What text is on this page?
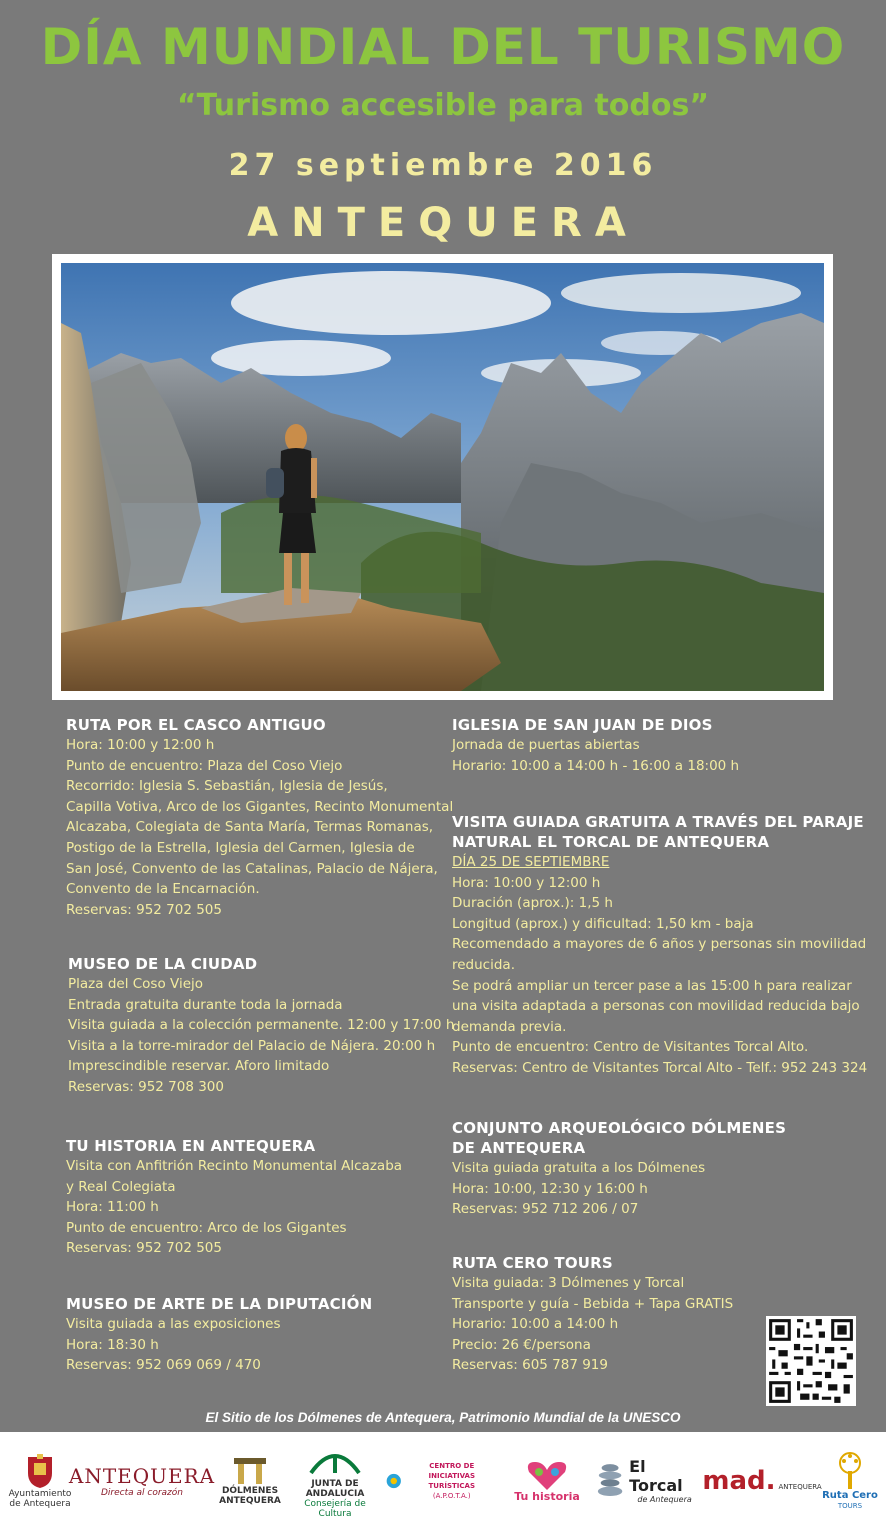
DÍA MUNDIAL DEL TURISMO
“Turismo accesible para todos”
27 septiembre 2016
ANTEQUERA
RUTA POR EL CASCO ANTIGUO
Hora: 10:00 y 12:00 h
Punto de encuentro: Plaza del Coso Viejo
Recorrido: Iglesia S. Sebastián, Iglesia de Jesús,
Capilla Votiva, Arco de los Gigantes, Recinto Monumental
Alcazaba, Colegiata de Santa María, Termas Romanas,
Postigo de la Estrella, Iglesia del Carmen, Iglesia de
San José, Convento de las Catalinas, Palacio de Nájera,
Convento de la Encarnación.
Reservas: 952 702 505
MUSEO DE LA CIUDAD
Plaza del Coso Viejo
Entrada gratuita durante toda la jornada
Visita guiada a la colección permanente. 12:00 y 17:00 h
Visita a la torre-mirador del Palacio de Nájera. 20:00 h
Imprescindible reservar. Aforo limitado
Reservas: 952 708 300
TU HISTORIA EN ANTEQUERA
Visita con Anfitrión Recinto Monumental Alcazaba
y Real Colegiata
Hora: 11:00 h
Punto de encuentro: Arco de los Gigantes
Reservas: 952 702 505
MUSEO DE ARTE DE LA DIPUTACIÓN
Visita guiada a las exposiciones
Hora: 18:30 h
Reservas: 952 069 069 / 470
IGLESIA DE SAN JUAN DE DIOS
Jornada de puertas abiertas
Horario: 10:00 a 14:00 h - 16:00 a 18:00 h
VISITA GUIADA GRATUITA A TRAVÉS DEL PARAJE
NATURAL EL TORCAL DE ANTEQUERA
DÍA 25 DE SEPTIEMBRE
Hora: 10:00 y 12:00 h
Duración (aprox.): 1,5 h
Longitud (aprox.) y dificultad: 1,50 km - baja
Recomendado a mayores de 6 años y personas sin movilidad
reducida.
Se podrá ampliar un tercer pase a las 15:00 h para realizar
una visita adaptada a personas con movilidad reducida bajo
demanda previa.
Punto de encuentro: Centro de Visitantes Torcal Alto.
Reservas: Centro de Visitantes Torcal Alto - Telf.: 952 243 324
CONJUNTO ARQUEOLÓGICO DÓLMENES
DE ANTEQUERA
Visita guiada gratuita a los Dólmenes
Hora: 10:00, 12:30 y 16:00 h
Reservas: 952 712 206 / 07
RUTA CERO TOURS
Visita guiada: 3 Dólmenes y Torcal
Transporte y guía - Bebida + Tapa GRATIS
Horario: 10:00 a 14:00 h
Precio: 26 €/persona
Reservas: 605 787 919
El Sitio de los Dólmenes de Antequera, Patrimonio Mundial de la UNESCO
Ayuntamiento de Antequera
ANTEQUERA
Directa al corazón	DÓLMENES ANTEQUERA
JUNTA DE ANDALUCIA
Consejería de Cultura
CENTRO DE INICIATIVAS TURÍSTICAS
(A.P.O.T.A.)	Tu historia
El Torcal
de Antequera
mad. ANTEQUERA
Ruta Cero
TOURS
